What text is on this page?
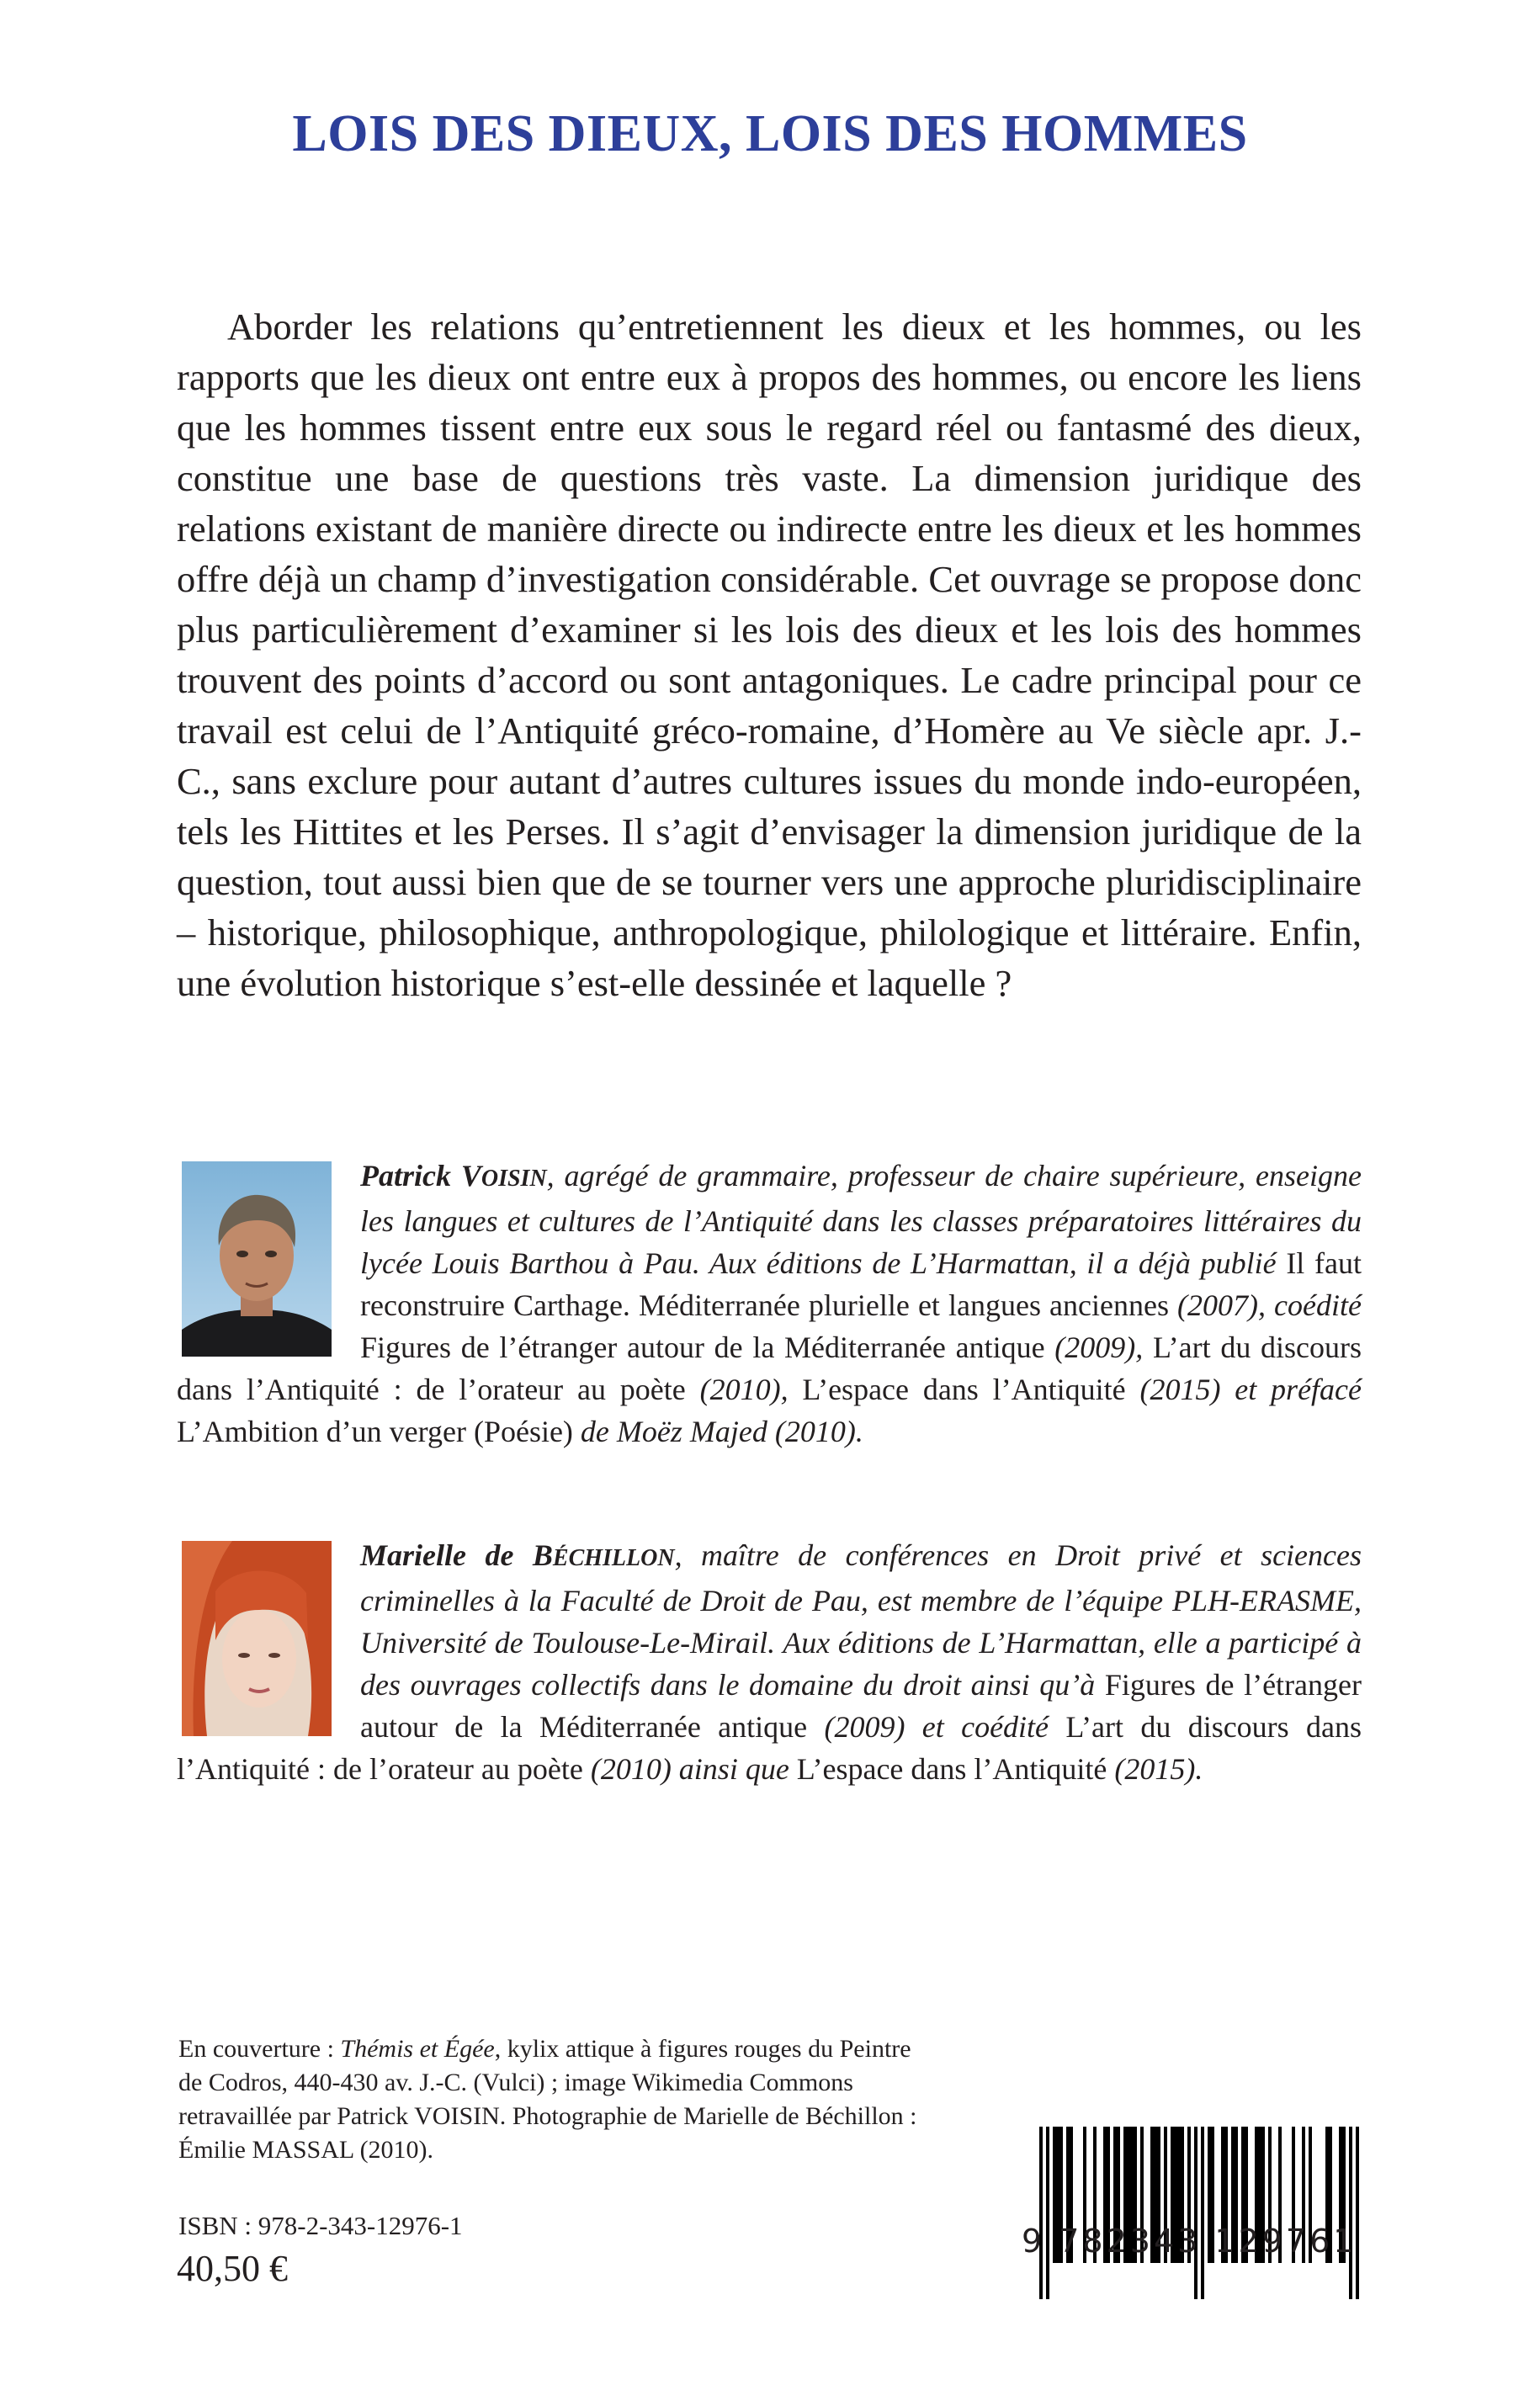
LOIS DES DIEUX, LOIS DES HOMMES

Aborder les relations qu’entretiennent les dieux et les hommes, ou les rapports que les dieux ont entre eux à propos des hommes, ou encore les liens que les hommes tissent entre eux sous le regard réel ou fantasmé des dieux, constitue une base de questions très vaste. La dimension juridique des relations existant de manière directe ou indirecte entre les dieux et les hommes offre déjà un champ d’investigation considérable. Cet ouvrage se propose donc plus particulièrement d’examiner si les lois des dieux et les lois des hommes trouvent des points d’accord ou sont antagoniques. Le cadre principal pour ce travail est celui de l’Antiquité gréco-romaine, d’Homère au Ve siècle apr. J.-C., sans exclure pour autant d’autres cultures issues du monde indo-européen, tels les Hittites et les Perses. Il s’agit d’envisager la dimension juridique de la question, tout aussi bien que de se tourner vers une approche pluridisciplinaire – historique, philosophique, anthropologique, philologique et littéraire. Enfin, une évolution historique s’est-elle dessinée et laquelle ?

Patrick VOISIN, agrégé de grammaire, professeur de chaire supérieure, enseigne les langues et cultures de l’Antiquité dans les classes préparatoires littéraires du lycée Louis Barthou à Pau. Aux éditions de L’Harmattan, il a déjà publié Il faut reconstruire Carthage. Méditerranée plurielle et langues anciennes (2007), coédité Figures de l’étranger autour de la Méditerranée antique (2009), L’art du discours dans l’Antiquité : de l’orateur au poète (2010), L’espace dans l’Antiquité (2015) et préfacé L’Ambition d’un verger (Poésie) de Moëz Majed (2010).

Marielle de BÉCHILLON, maître de conférences en Droit privé et sciences criminelles à la Faculté de Droit de Pau, est membre de l’équipe PLH-ERASME, Université de Toulouse-Le-Mirail. Aux éditions de L’Harmattan, elle a participé à des ouvrages collectifs dans le domaine du droit ainsi qu’à Figures de l’étranger autour de la Méditerranée antique (2009) et coédité L’art du discours dans l’Antiquité : de l’orateur au poète (2010) ainsi que L’espace dans l’Antiquité (2015).

En couverture : Thémis et Égée, kylix attique à figures rouges du Peintre de Codros, 440-430 av. J.-C. (Vulci) ; image Wikimedia Commons retravaillée par Patrick VOISIN. Photographie de Marielle de Béchillon : Émilie MASSAL (2010).

ISBN : 978-2-343-12976-1
40,50 €
9 782343 129761
